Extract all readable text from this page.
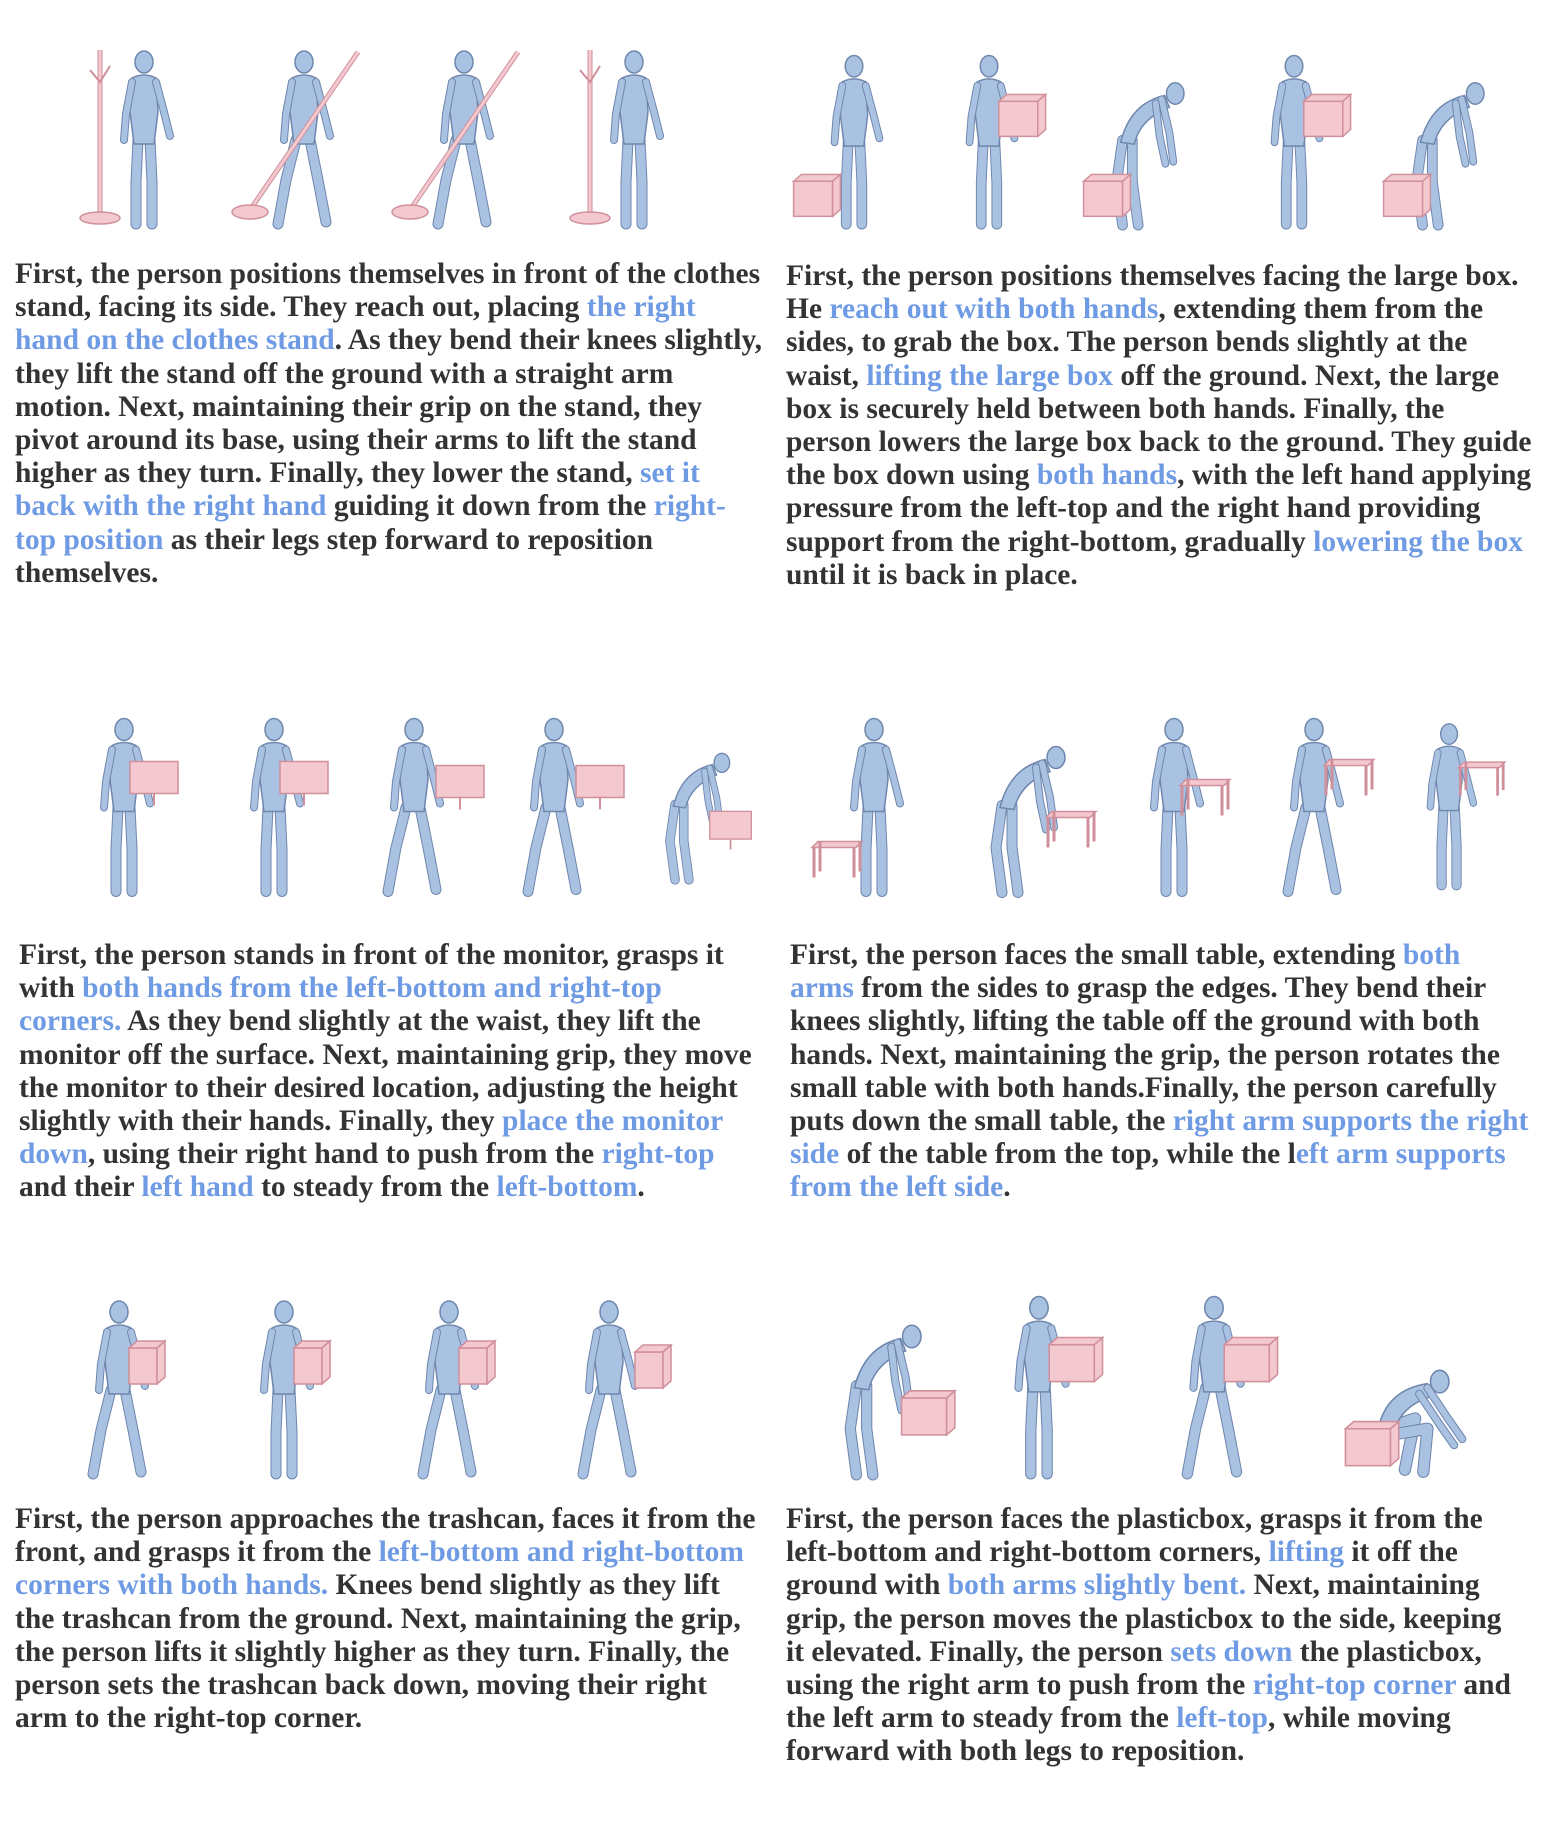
First, the person positions themselves in front of the clothes stand, facing its side. They reach out, placing the right hand on the clothes stand. As they bend their knees slightly, they lift the stand off the ground with a straight arm motion. Next, maintaining their grip on the stand, they pivot around its base, using their arms to lift the stand higher as they turn. Finally, they lower the stand, set it back with the right hand guiding it down from the right-top position as their legs step forward to reposition themselves.

First, the person positions themselves facing the large box. He reach out with both hands, extending them from the sides, to grab the box. The person bends slightly at the waist, lifting the large box off the ground. Next, the large box is securely held between both hands. Finally, the person lowers the large box back to the ground. They guide the box down using both hands, with the left hand applying pressure from the left-top and the right hand providing support from the right-bottom, gradually lowering the box until it is back in place.

First, the person stands in front of the monitor, grasps it with both hands from the left-bottom and right-top corners. As they bend slightly at the waist, they lift the monitor off the surface. Next, maintaining grip, they move the monitor to their desired location, adjusting the height slightly with their hands. Finally, they place the monitor down, using their right hand to push from the right-top and their left hand to steady from the left-bottom.

First, the person faces the small table, extending both arms from the sides to grasp the edges. They bend their knees slightly, lifting the table off the ground with both hands. Next, maintaining the grip, the person rotates the small table with both hands.Finally, the person carefully puts down the small table, the right arm supports the right side of the table from the top, while the left arm supports from the left side.

First, the person approaches the trashcan, faces it from the front, and grasps it from the left-bottom and right-bottom corners with both hands. Knees bend slightly as they lift the trashcan from the ground. Next, maintaining the grip, the person lifts it slightly higher as they turn. Finally, the person sets the trashcan back down, moving their right arm to the right-top corner.

First, the person faces the plasticbox, grasps it from the left-bottom and right-bottom corners, lifting it off the ground with both arms slightly bent. Next, maintaining grip, the person moves the plasticbox to the side, keeping it elevated. Finally, the person sets down the plasticbox, using the right arm to push from the right-top corner and the left arm to steady from the left-top, while moving forward with both legs to reposition.
